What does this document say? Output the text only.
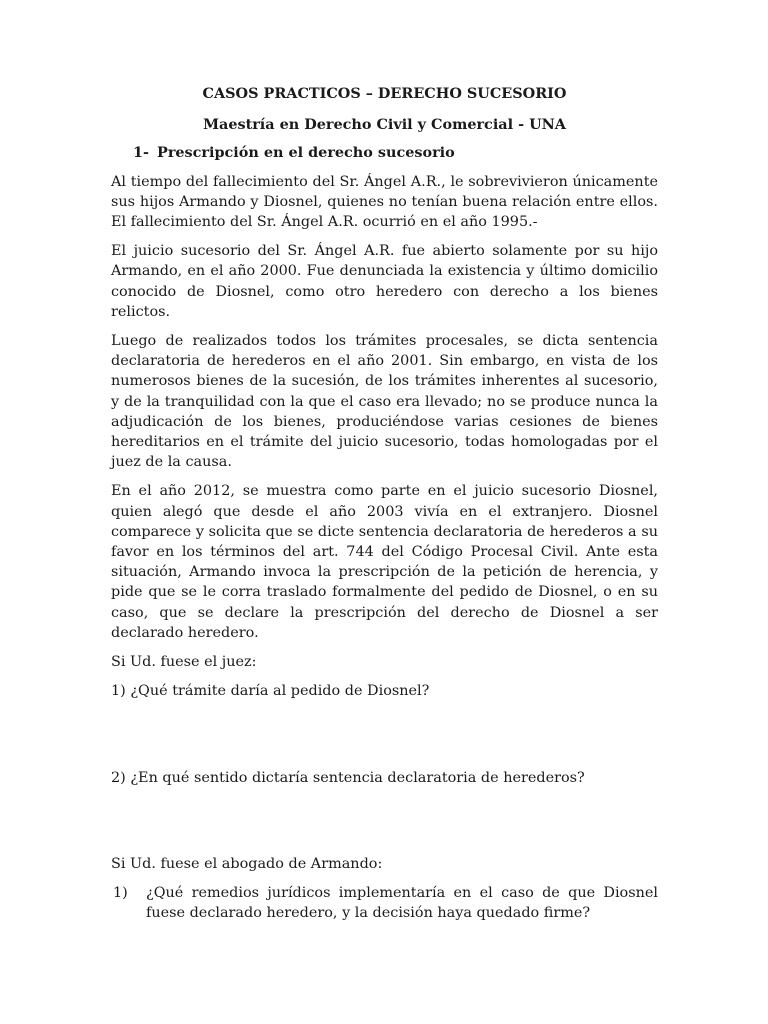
CASOS PRACTICOS – DERECHO SUCESORIO
Maestría en Derecho Civil y Comercial - UNA
1- Prescripción en el derecho sucesorio

Al tiempo del fallecimiento del Sr. Ángel A.R., le sobrevivieron únicamente sus hijos Armando y Diosnel, quienes no tenían buena relación entre ellos. El fallecimiento del Sr. Ángel A.R. ocurrió en el año 1995.-

El juicio sucesorio del Sr. Ángel A.R. fue abierto solamente por su hijo Armando, en el año 2000. Fue denunciada la existencia y último domicilio conocido de Diosnel, como otro heredero con derecho a los bienes relictos.

Luego de realizados todos los trámites procesales, se dicta sentencia declaratoria de herederos en el año 2001. Sin embargo, en vista de los numerosos bienes de la sucesión, de los trámites inherentes al sucesorio, y de la tranquilidad con la que el caso era llevado; no se produce nunca la adjudicación de los bienes, produciéndose varias cesiones de bienes hereditarios en el trámite del juicio sucesorio, todas homologadas por el juez de la causa.

En el año 2012, se muestra como parte en el juicio sucesorio Diosnel, quien alegó que desde el año 2003 vivía en el extranjero. Diosnel comparece y solicita que se dicte sentencia declaratoria de herederos a su favor en los términos del art. 744 del Código Procesal Civil. Ante esta situación, Armando invoca la prescripción de la petición de herencia, y pide que se le corra traslado formalmente del pedido de Diosnel, o en su caso, que se declare la prescripción del derecho de Diosnel a ser declarado heredero.

Si Ud. fuese el juez:

1) ¿Qué trámite daría al pedido de Diosnel?

2) ¿En qué sentido dictaría sentencia declaratoria de herederos?

Si Ud. fuese el abogado de Armando:

1)	¿Qué remedios jurídicos implementaría en el caso de que Diosnel fuese declarado heredero, y la decisión haya quedado firme?
